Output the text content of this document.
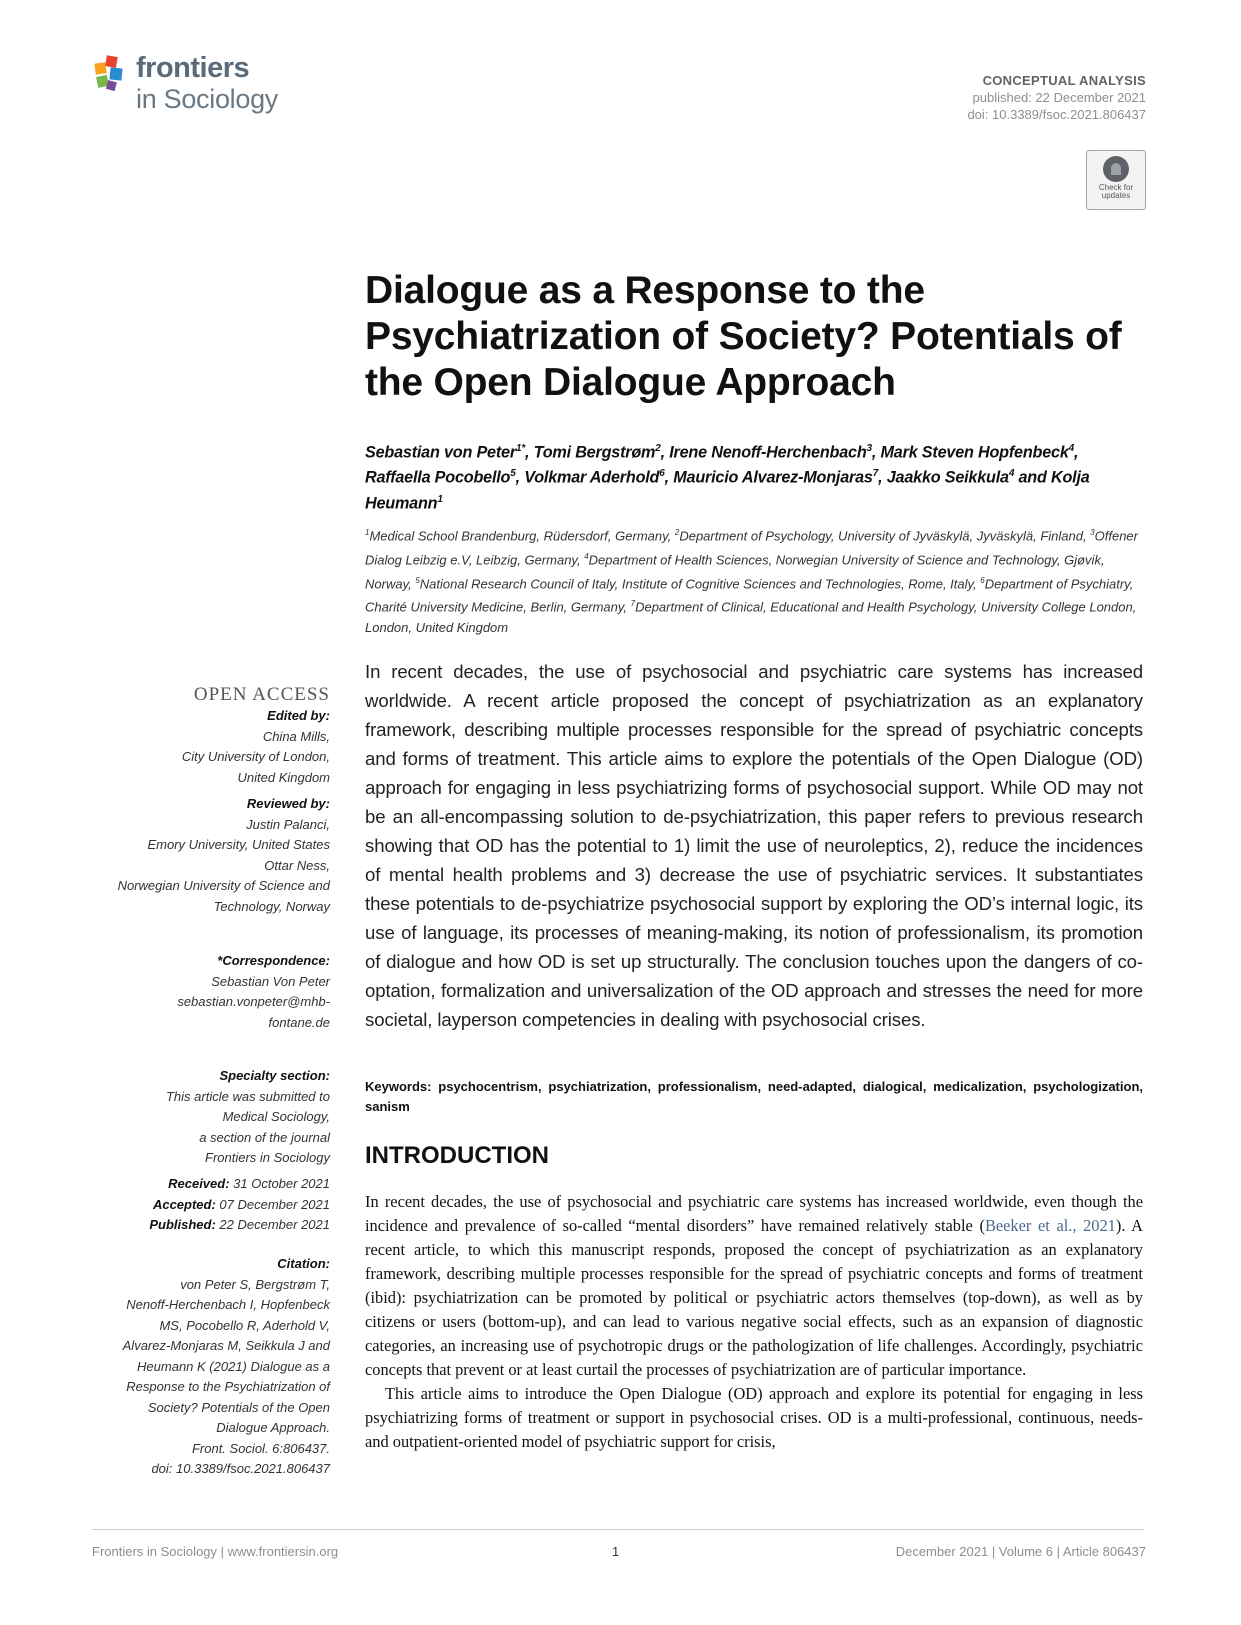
frontiers
in Sociology
CONCEPTUAL ANALYSIS
published: 22 December 2021
doi: 10.3389/fsoc.2021.806437
Check for
updates
Dialogue as a Response to the Psychiatrization of Society? Potentials of the Open Dialogue Approach
Sebastian von Peter$^{1*}$, Tomi Bergstrøm$^2$, Irene Nenoff-Herchenbach$^3$, Mark Steven Hopfenbeck$^4$, Raffaella Pocobello$^5$, Volkmar Aderhold$^6$, Mauricio Alvarez-Monjaras$^7$, Jaakko Seikkula$^4$ and Kolja Heumann$^1$
$^1$Medical School Brandenburg, Rüdersdorf, Germany, $^2$Department of Psychology, University of Jyväskylä, Jyväskylä, Finland, $^3$Offener Dialog Leibzig e.V, Leibzig, Germany, $^4$Department of Health Sciences, Norwegian University of Science and Technology, Gjøvik, Norway, $^5$National Research Council of Italy, Institute of Cognitive Sciences and Technologies, Rome, Italy, $^6$Department of Psychiatry, Charité University Medicine, Berlin, Germany, $^7$Department of Clinical, Educational and Health Psychology, University College London, London, United Kingdom
OPEN ACCESS
Edited by:
China Mills,
City University of London,
United Kingdom
Reviewed by:
Justin Palanci,
Emory University, United States
Ottar Ness,
Norwegian University of Science and
Technology, Norway
*Correspondence:
Sebastian Von Peter
sebastian.vonpeter@mhb-
fontane.de
Specialty section:
This article was submitted to
Medical Sociology,
a section of the journal
Frontiers in Sociology
Received: 31 October 2021
Accepted: 07 December 2021
Published: 22 December 2021
Citation:
von Peter S, Bergstrøm T,
Nenoff-Herchenbach I, Hopfenbeck
MS, Pocobello R, Aderhold V,
Alvarez-Monjaras M, Seikkula J and
Heumann K (2021) Dialogue as a
Response to the Psychiatrization of
Society? Potentials of the Open
Dialogue Approach.
Front. Sociol. 6:806437.
doi: 10.3389/fsoc.2021.806437
In recent decades, the use of psychosocial and psychiatric care systems has increased worldwide. A recent article proposed the concept of psychiatrization as an explanatory framework, describing multiple processes responsible for the spread of psychiatric concepts and forms of treatment. This article aims to explore the potentials of the Open Dialogue (OD) approach for engaging in less psychiatrizing forms of psychosocial support. While OD may not be an all-encompassing solution to de-psychiatrization, this paper refers to previous research showing that OD has the potential to 1) limit the use of neuroleptics, 2), reduce the incidences of mental health problems and 3) decrease the use of psychiatric services. It substantiates these potentials to de-psychiatrize psychosocial support by exploring the OD’s internal logic, its use of language, its processes of meaning-making, its notion of professionalism, its promotion of dialogue and how OD is set up structurally. The conclusion touches upon the dangers of co-optation, formalization and universalization of the OD approach and stresses the need for more societal, layperson competencies in dealing with psychosocial crises.
Keywords: psychocentrism, psychiatrization, professionalism, need-adapted, dialogical, medicalization, psychologization, sanism
INTRODUCTION

In recent decades, the use of psychosocial and psychiatric care systems has increased worldwide, even though the incidence and prevalence of so-called “mental disorders” have remained relatively stable (Beeker et al., 2021). A recent article, to which this manuscript responds, proposed the concept of psychiatrization as an explanatory framework, describing multiple processes responsible for the spread of psychiatric concepts and forms of treatment (ibid): psychiatrization can be promoted by political or psychiatric actors themselves (top-down), as well as by citizens or users (bottom-up), and can lead to various negative social effects, such as an expansion of diagnostic categories, an increasing use of psychotropic drugs or the pathologization of life challenges. Accordingly, psychiatric concepts that prevent or at least curtail the processes of psychiatrization are of particular importance.

This article aims to introduce the Open Dialogue (OD) approach and explore its potential for engaging in less psychiatrizing forms of treatment or support in psychosocial crises. OD is a multi-professional, continuous, needs- and outpatient-oriented model of psychiatric support for crisis,

Frontiers in Sociology | www.frontiersin.org	1	December 2021 | Volume 6 | Article 806437
